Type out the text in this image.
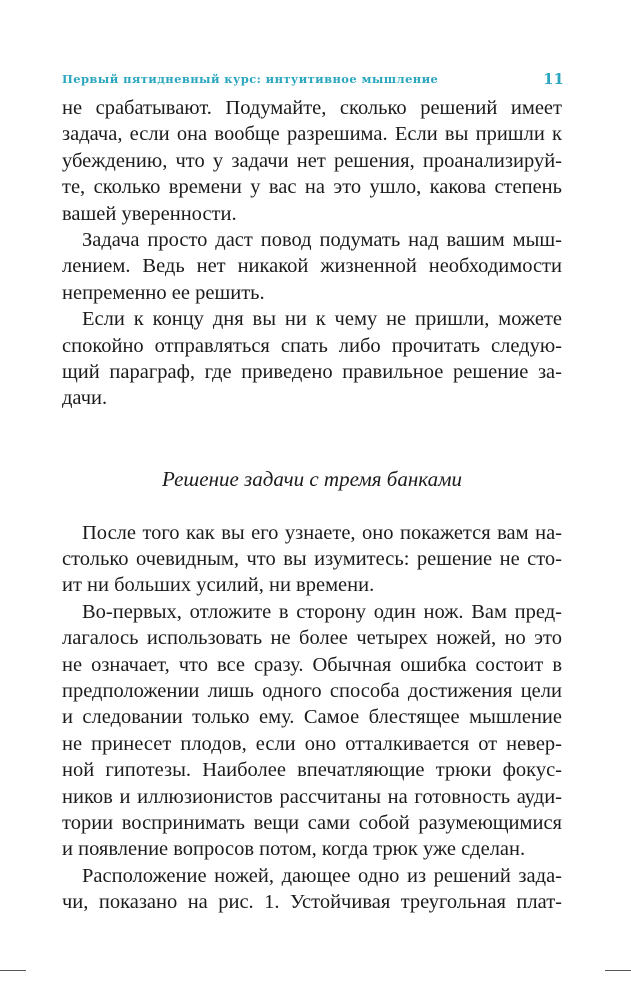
Первый пятидневный курс: интуитивное мышление	11
не срабатывают. Подумайте, сколько решений имеет
задача, если она вообще разрешима. Если вы пришли к
убеждению, что у задачи нет решения, проанализируй-
те, сколько времени у вас на это ушло, какова степень
вашей уверенности.
Задача просто даст повод подумать над вашим мыш-
лением. Ведь нет никакой жизненной необходимости
непременно ее решить.
Если к концу дня вы ни к чему не пришли, можете
спокойно отправляться спать либо прочитать следую-
щий параграф, где приведено правильное решение за-
дачи.
Решение задачи с тремя банками
После того как вы его узнаете, оно покажется вам на-
столько очевидным, что вы изумитесь: решение не сто-
ит ни больших усилий, ни времени.
Во-первых, отложите в сторону один нож. Вам пред-
лагалось использовать не более четырех ножей, но это
не означает, что все сразу. Обычная ошибка состоит в
предположении лишь одного способа достижения цели
и следовании только ему. Самое блестящее мышление
не принесет плодов, если оно отталкивается от невер-
ной гипотезы. Наиболее впечатляющие трюки фокус-
ников и иллюзионистов рассчитаны на готовность ауди-
тории воспринимать вещи сами собой разумеющимися
и появление вопросов потом, когда трюк уже сделан.
Расположение ножей, дающее одно из решений зада-
чи, показано на рис. 1. Устойчивая треугольная плат-
